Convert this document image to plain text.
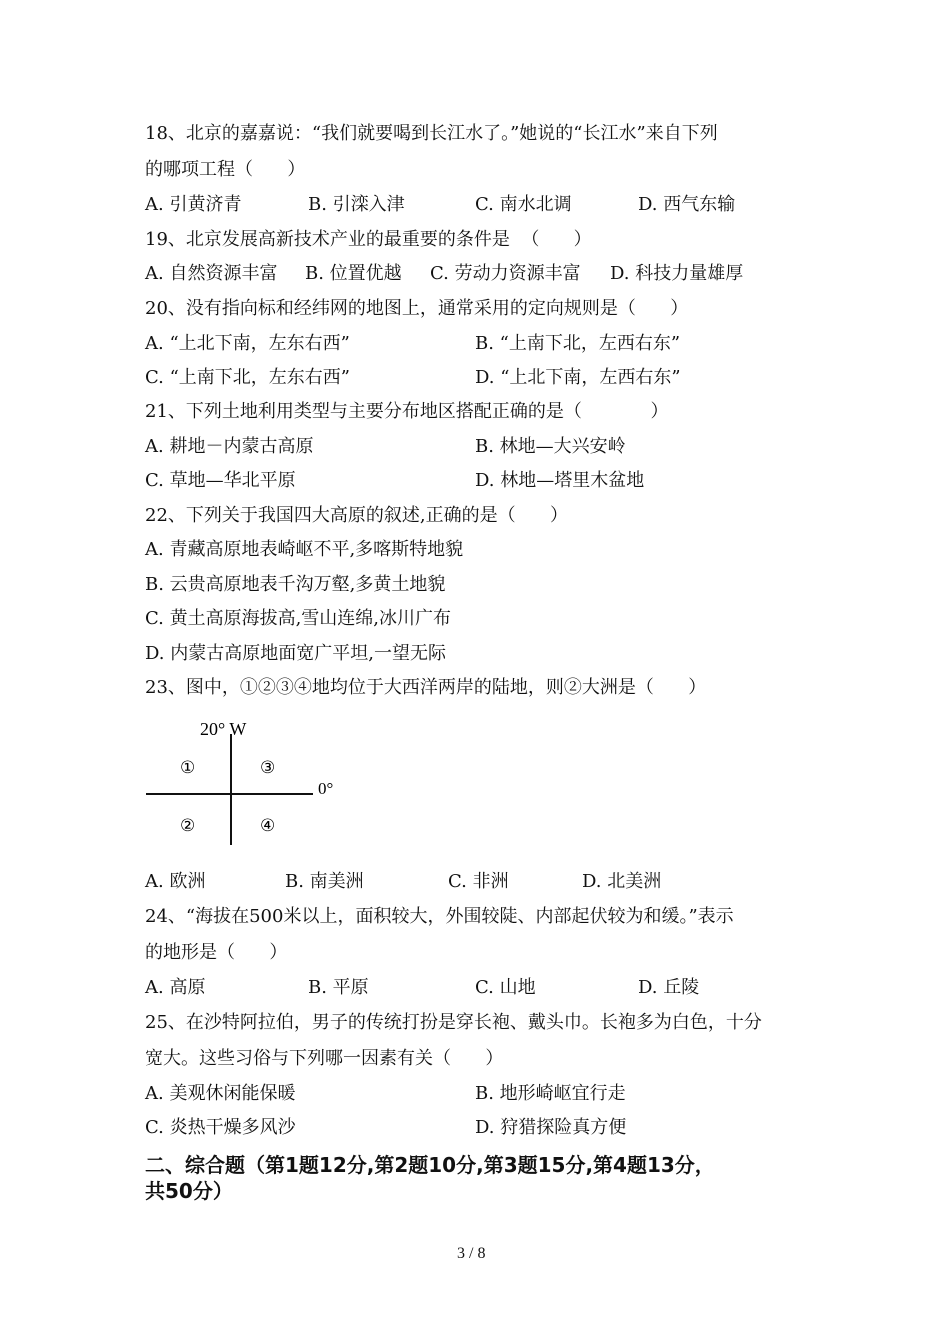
18、北京的嘉嘉说：“我们就要喝到长江水了。”她说的“长江水”来自下列
的哪项工程（      ）

A. 引黄济青

	B. 引滦入津

	C. 南水北调

	D. 西气东输

19、北京发展高新技术产业的最重要的条件是  （      ）

A. 自然资源丰富

B. 位置优越

C. 劳动力资源丰富

D. 科技力量雄厚

20、没有指向标和经纬网的地图上，通常采用的定向规则是（      ）

A. “上北下南，左东右西”

	B. “上南下北，左西右东”

C. “上南下北，左东右西”

	D. “上北下南，左西右东”

21、下列土地利用类型与主要分布地区搭配正确的是（            ）

A. 耕地－内蒙古高原

	B. 林地—大兴安岭

C. 草地—华北平原

	D. 林地—塔里木盆地

22、下列关于我国四大高原的叙述,正确的是（      ）
A. 青藏高原地表崎岖不平,多喀斯特地貌
B. 云贵高原地表千沟万壑,多黄土地貌
C. 黄土高原海拔高,雪山连绵,冰川广布
D. 内蒙古高原地面宽广平坦,一望无际
23、图中，①②③④地均位于大西洋两岸的陆地，则②大洲是（      ）
20° W
0°
①	③
②	④

A. 欧洲

	B. 南美洲

	C. 非洲

	D. 北美洲

24、“海拔在500米以上，面积较大，外围较陡、内部起伏较为和缓。”表示
的地形是（      ）

A. 高原

	B. 平原

	C. 山地

	D. 丘陵

25、在沙特阿拉伯，男子的传统打扮是穿长袍、戴头巾。长袍多为白色，十分
宽大。这些习俗与下列哪一因素有关（      ）

A. 美观休闲能保暖

	B. 地形崎岖宜行走

C. 炎热干燥多风沙

	D. 狩猎探险真方便

二、综合题（第1题12分,第2题10分,第3题15分,第4题13分，
共50分）
3 / 8
